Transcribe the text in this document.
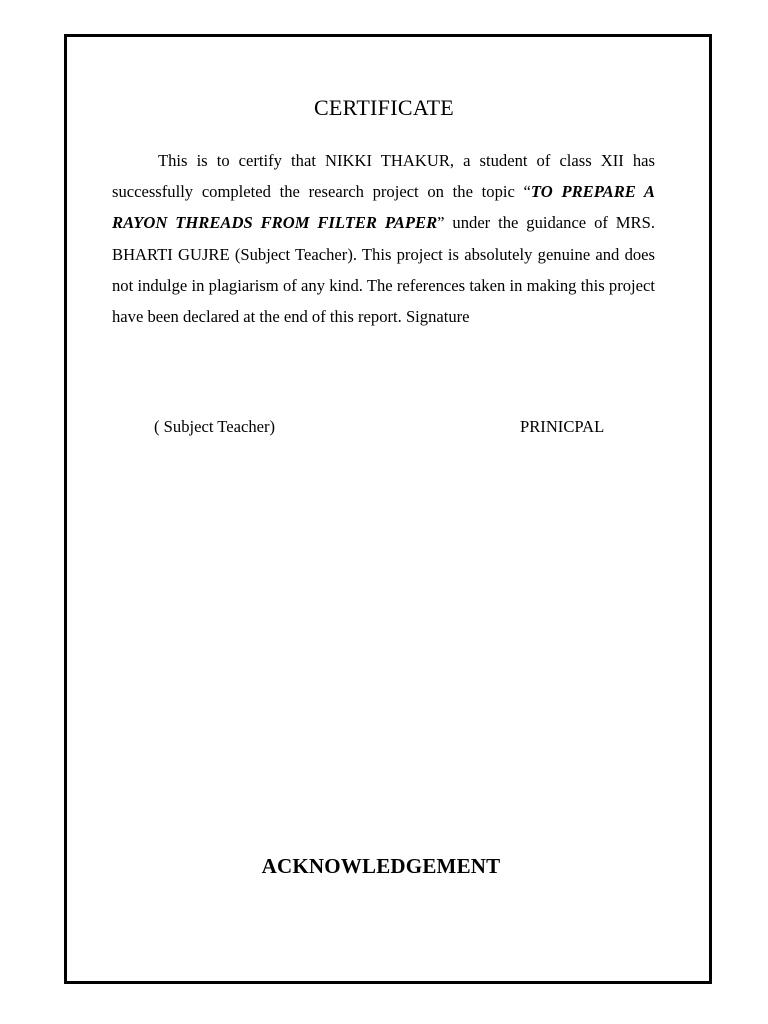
CERTIFICATE

This is to certify that NIKKI THAKUR, a student of class XII has successfully completed the research project on the topic “TO PREPARE A RAYON THREADS FROM FILTER PAPER” under the guidance of MRS. BHARTI GUJRE (Subject Teacher). This project is absolutely genuine and does not indulge in plagiarism of any kind. The references taken in making this project have been declared at the end of this report. Signature

( Subject Teacher)	PRINICPAL
ACKNOWLEDGEMENT
